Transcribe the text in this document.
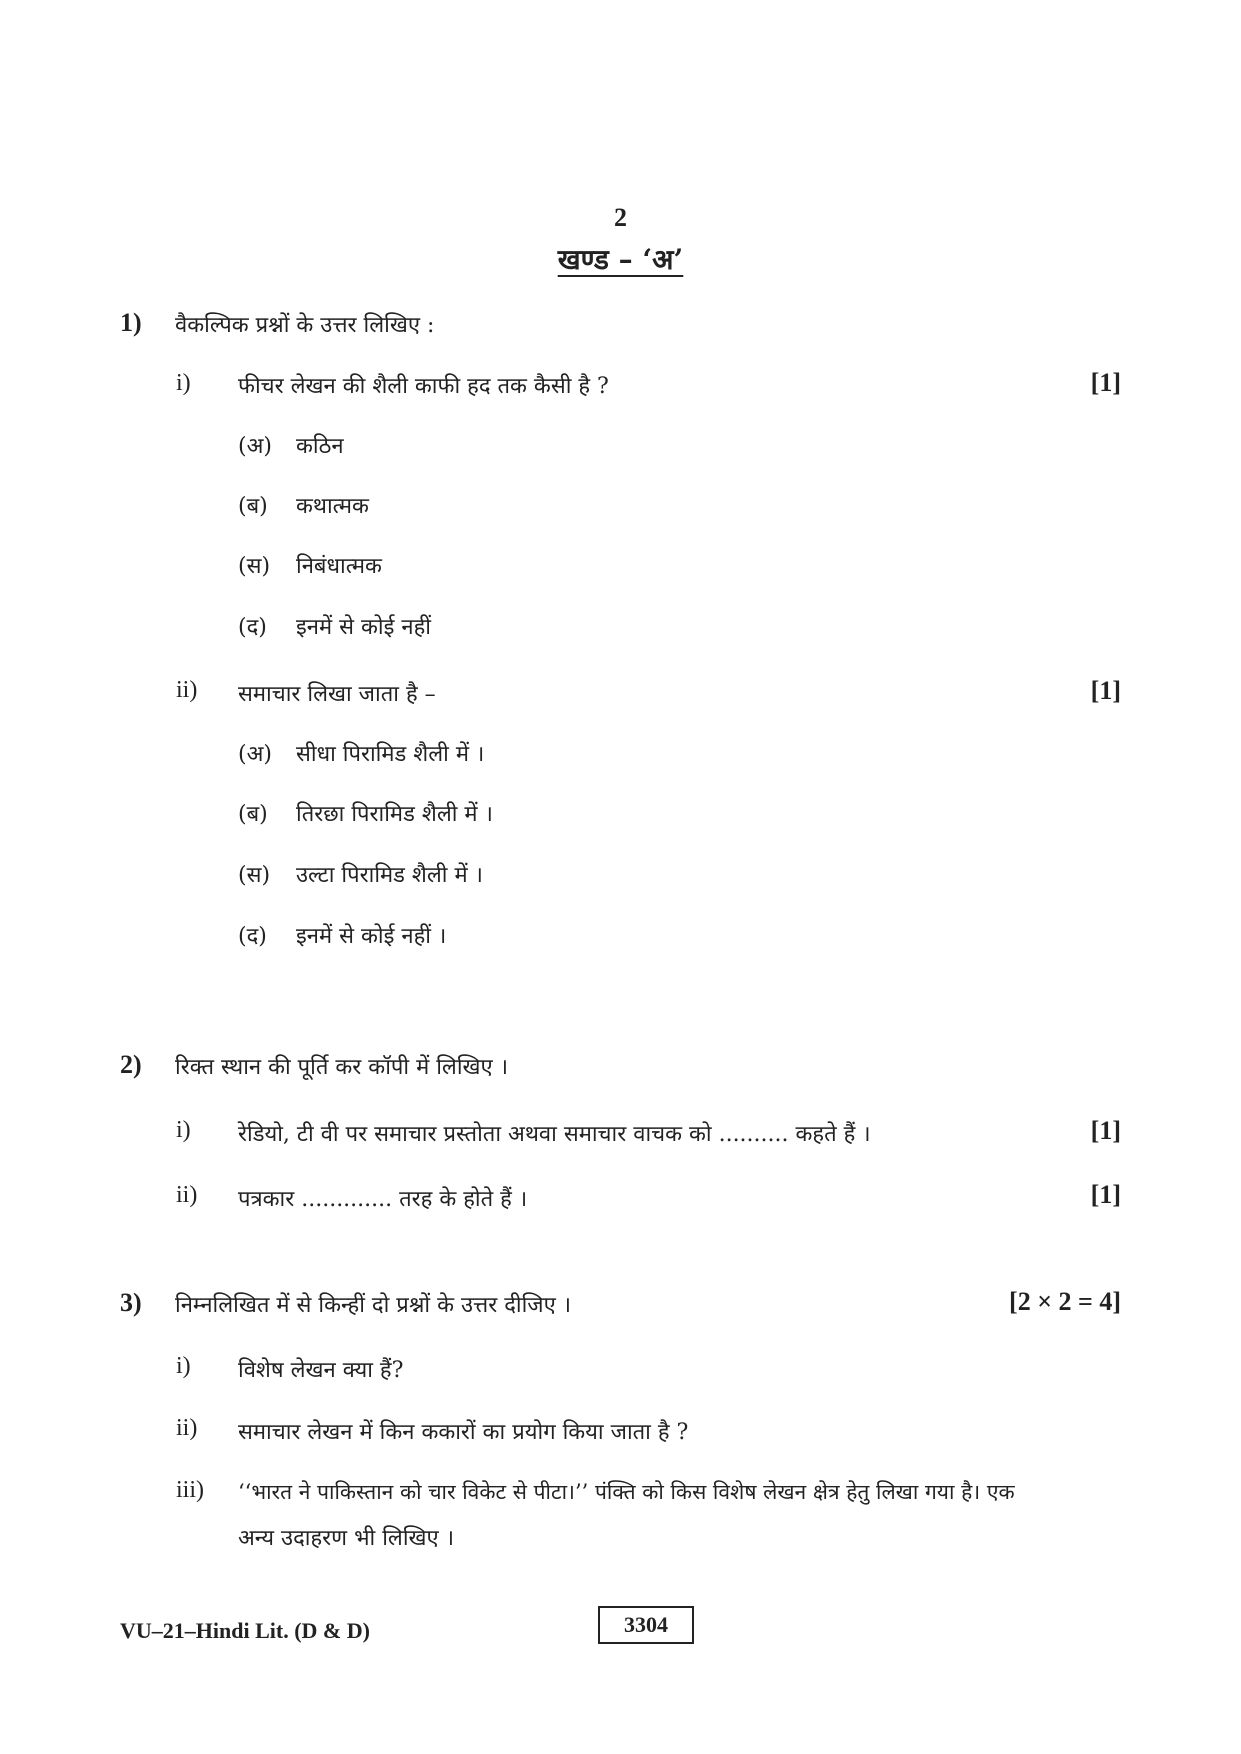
2
खण्ड – ‘अ’
1) वैकल्पिक प्रश्नों के उत्तर लिखिए :
i) फीचर लेखन की शैली काफी हद तक कैसी है ?	[1]
(अ) कठिन
(ब) कथात्मक
(स) निबंधात्मक
(द) इनमें से कोई नहीं
ii) समाचार लिखा जाता है –	[1]
(अ) सीधा पिरामिड शैली में ।
(ब) तिरछा पिरामिड शैली में ।
(स) उल्टा पिरामिड शैली में ।
(द) इनमें से कोई नहीं ।
2) रिक्त स्थान की पूर्ति कर कॉपी में लिखिए ।
i) रेडियो, टी वी पर समाचार प्रस्तोता अथवा समाचार वाचक को .......... कहते हैं ।	[1]
ii) पत्रकार ............. तरह के होते हैं ।	[1]
3) निम्नलिखित में से किन्हीं दो प्रश्नों के उत्तर दीजिए ।	[2 × 2 = 4]
i) विशेष लेखन क्या हैं?
ii) समाचार लेखन में किन ककारों का प्रयोग किया जाता है ?
iii) ‘‘भारत ने पाकिस्तान को चार विकेट से पीटा।’’ पंक्ति को किस विशेष लेखन क्षेत्र हेतु लिखा गया है। एक
अन्य उदाहरण भी लिखिए ।
VU–21–Hindi Lit. (D & D)	3304
